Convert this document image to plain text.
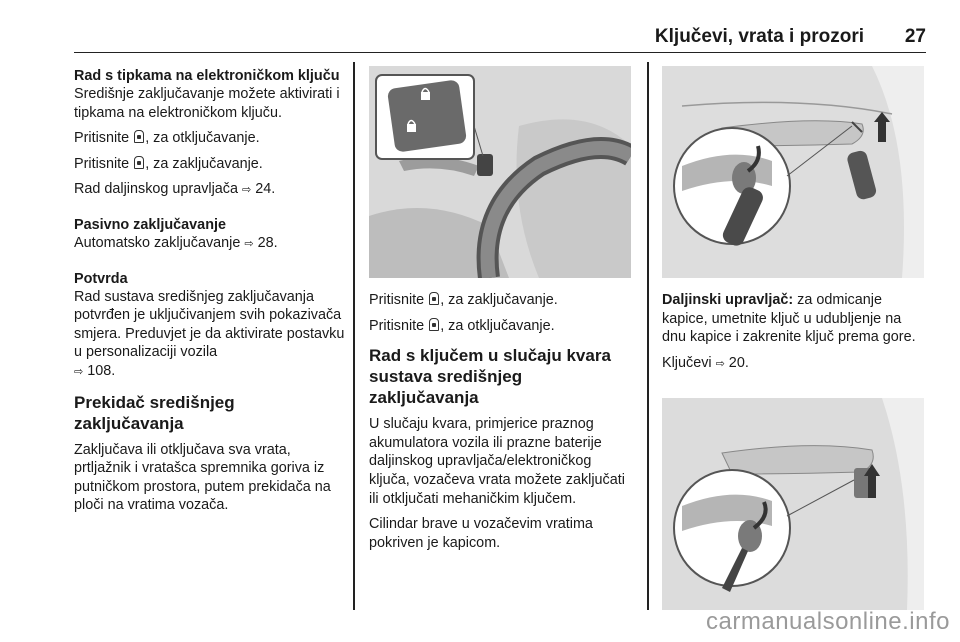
Ključevi, vrata i prozori 27
Rad s tipkama na elektroničkom ključu

Središnje zaključavanje možete aktivirati i tipkama na elektroničkom ključu.

Pritisnite , za otključavanje.

Pritisnite , za zaključavanje.

Rad daljinskog upravljača ⇨ 24.

Pasivno zaključavanje

Automatsko zaključavanje ⇨ 28.

Potvrda

Rad sustava središnjeg zaključavanja potvrđen je uključivanjem svih pokazivača smjera. Preduvjet je da aktivirate postavku u personalizaciji vozila
⇨ 108.

Prekidač središnjeg zaključavanja

Zaključava ili otključava sva vrata, prtljažnik i vratašca spremnika goriva iz putničkom prostora, putem prekidača na ploči na vratima vozača.

Pritisnite , za zaključavanje.

Pritisnite , za otključavanje.

Rad s ključem u slučaju kvara sustava središnjeg zaključavanja

U slučaju kvara, primjerice praznog akumulatora vozila ili prazne baterije daljinskog upravljača/elektroničkog ključa, vozačeva vrata možete zaključati ili otključati mehaničkim ključem.

Cilindar brave u vozačevim vratima pokriven je kapicom.

Daljinski upravljač: za odmicanje kapice, umetnite ključ u udubljenje na dnu kapice i zakrenite ključ prema gore.

Ključevi ⇨ 20.

carmanualsonline.info
